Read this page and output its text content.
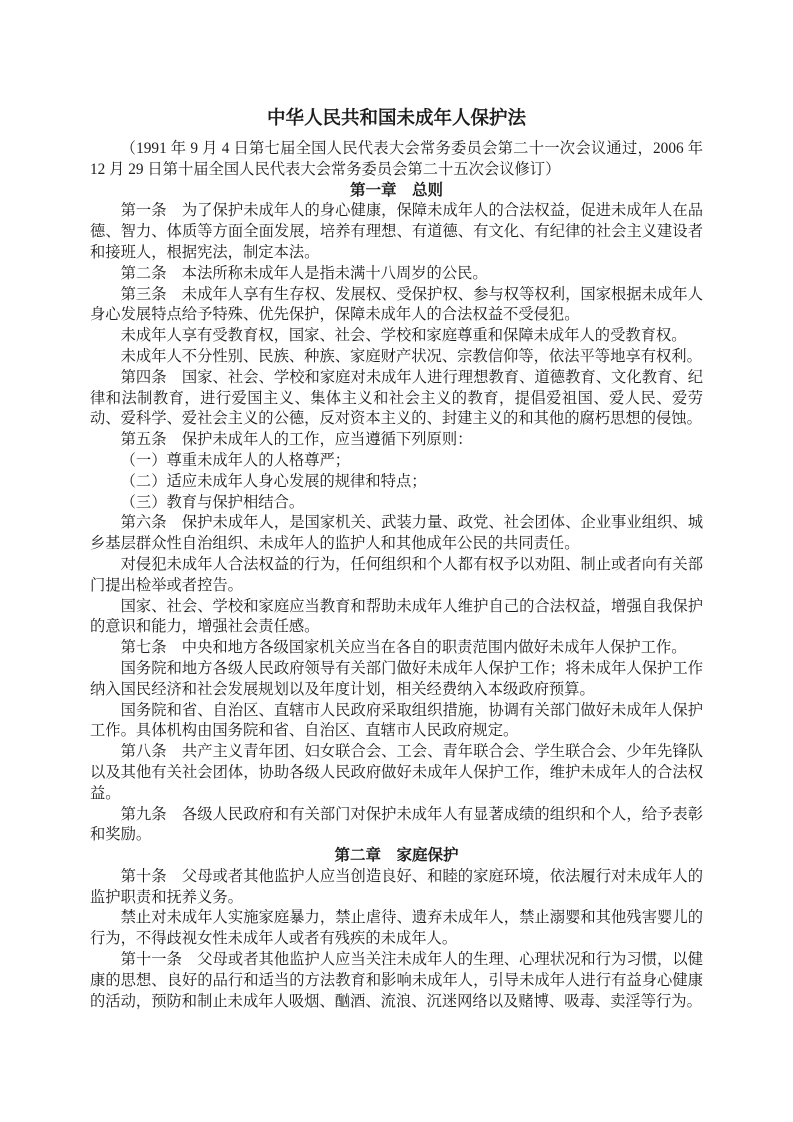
中华人民共和国未成年人保护法

（1991 年 9 月 4 日第七届全国人民代表大会常务委员会第二十一次会议通过，2006 年 12 月 29 日第十届全国人民代表大会常务委员会第二十五次会议修订）

第一章　总则

第一条　为了保护未成年人的身心健康，保障未成年人的合法权益，促进未成年人在品德、智力、体质等方面全面发展，培养有理想、有道德、有文化、有纪律的社会主义建设者和接班人，根据宪法，制定本法。

第二条　本法所称未成年人是指未满十八周岁的公民。

第三条　未成年人享有生存权、发展权、受保护权、参与权等权利，国家根据未成年人身心发展特点给予特殊、优先保护，保障未成年人的合法权益不受侵犯。

未成年人享有受教育权，国家、社会、学校和家庭尊重和保障未成年人的受教育权。

未成年人不分性别、民族、种族、家庭财产状况、宗教信仰等，依法平等地享有权利。

第四条　国家、社会、学校和家庭对未成年人进行理想教育、道德教育、文化教育、纪律和法制教育，进行爱国主义、集体主义和社会主义的教育，提倡爱祖国、爱人民、爱劳动、爱科学、爱社会主义的公德，反对资本主义的、封建主义的和其他的腐朽思想的侵蚀。

第五条　保护未成年人的工作，应当遵循下列原则：

（一）尊重未成年人的人格尊严；

（二）适应未成年人身心发展的规律和特点；

（三）教育与保护相结合。

第六条　保护未成年人，是国家机关、武装力量、政党、社会团体、企业事业组织、城乡基层群众性自治组织、未成年人的监护人和其他成年公民的共同责任。

对侵犯未成年人合法权益的行为，任何组织和个人都有权予以劝阻、制止或者向有关部门提出检举或者控告。

国家、社会、学校和家庭应当教育和帮助未成年人维护自己的合法权益，增强自我保护的意识和能力，增强社会责任感。

第七条　中央和地方各级国家机关应当在各自的职责范围内做好未成年人保护工作。

国务院和地方各级人民政府领导有关部门做好未成年人保护工作；将未成年人保护工作纳入国民经济和社会发展规划以及年度计划，相关经费纳入本级政府预算。

国务院和省、自治区、直辖市人民政府采取组织措施，协调有关部门做好未成年人保护工作。具体机构由国务院和省、自治区、直辖市人民政府规定。

第八条　共产主义青年团、妇女联合会、工会、青年联合会、学生联合会、少年先锋队以及其他有关社会团体，协助各级人民政府做好未成年人保护工作，维护未成年人的合法权益。

第九条　各级人民政府和有关部门对保护未成年人有显著成绩的组织和个人，给予表彰和奖励。

第二章　家庭保护

第十条　父母或者其他监护人应当创造良好、和睦的家庭环境，依法履行对未成年人的监护职责和抚养义务。

禁止对未成年人实施家庭暴力，禁止虐待、遗弃未成年人，禁止溺婴和其他残害婴儿的行为，不得歧视女性未成年人或者有残疾的未成年人。

第十一条　父母或者其他监护人应当关注未成年人的生理、心理状况和行为习惯，以健康的思想、良好的品行和适当的方法教育和影响未成年人，引导未成年人进行有益身心健康的活动，预防和制止未成年人吸烟、酗酒、流浪、沉迷网络以及赌博、吸毒、卖淫等行为。
